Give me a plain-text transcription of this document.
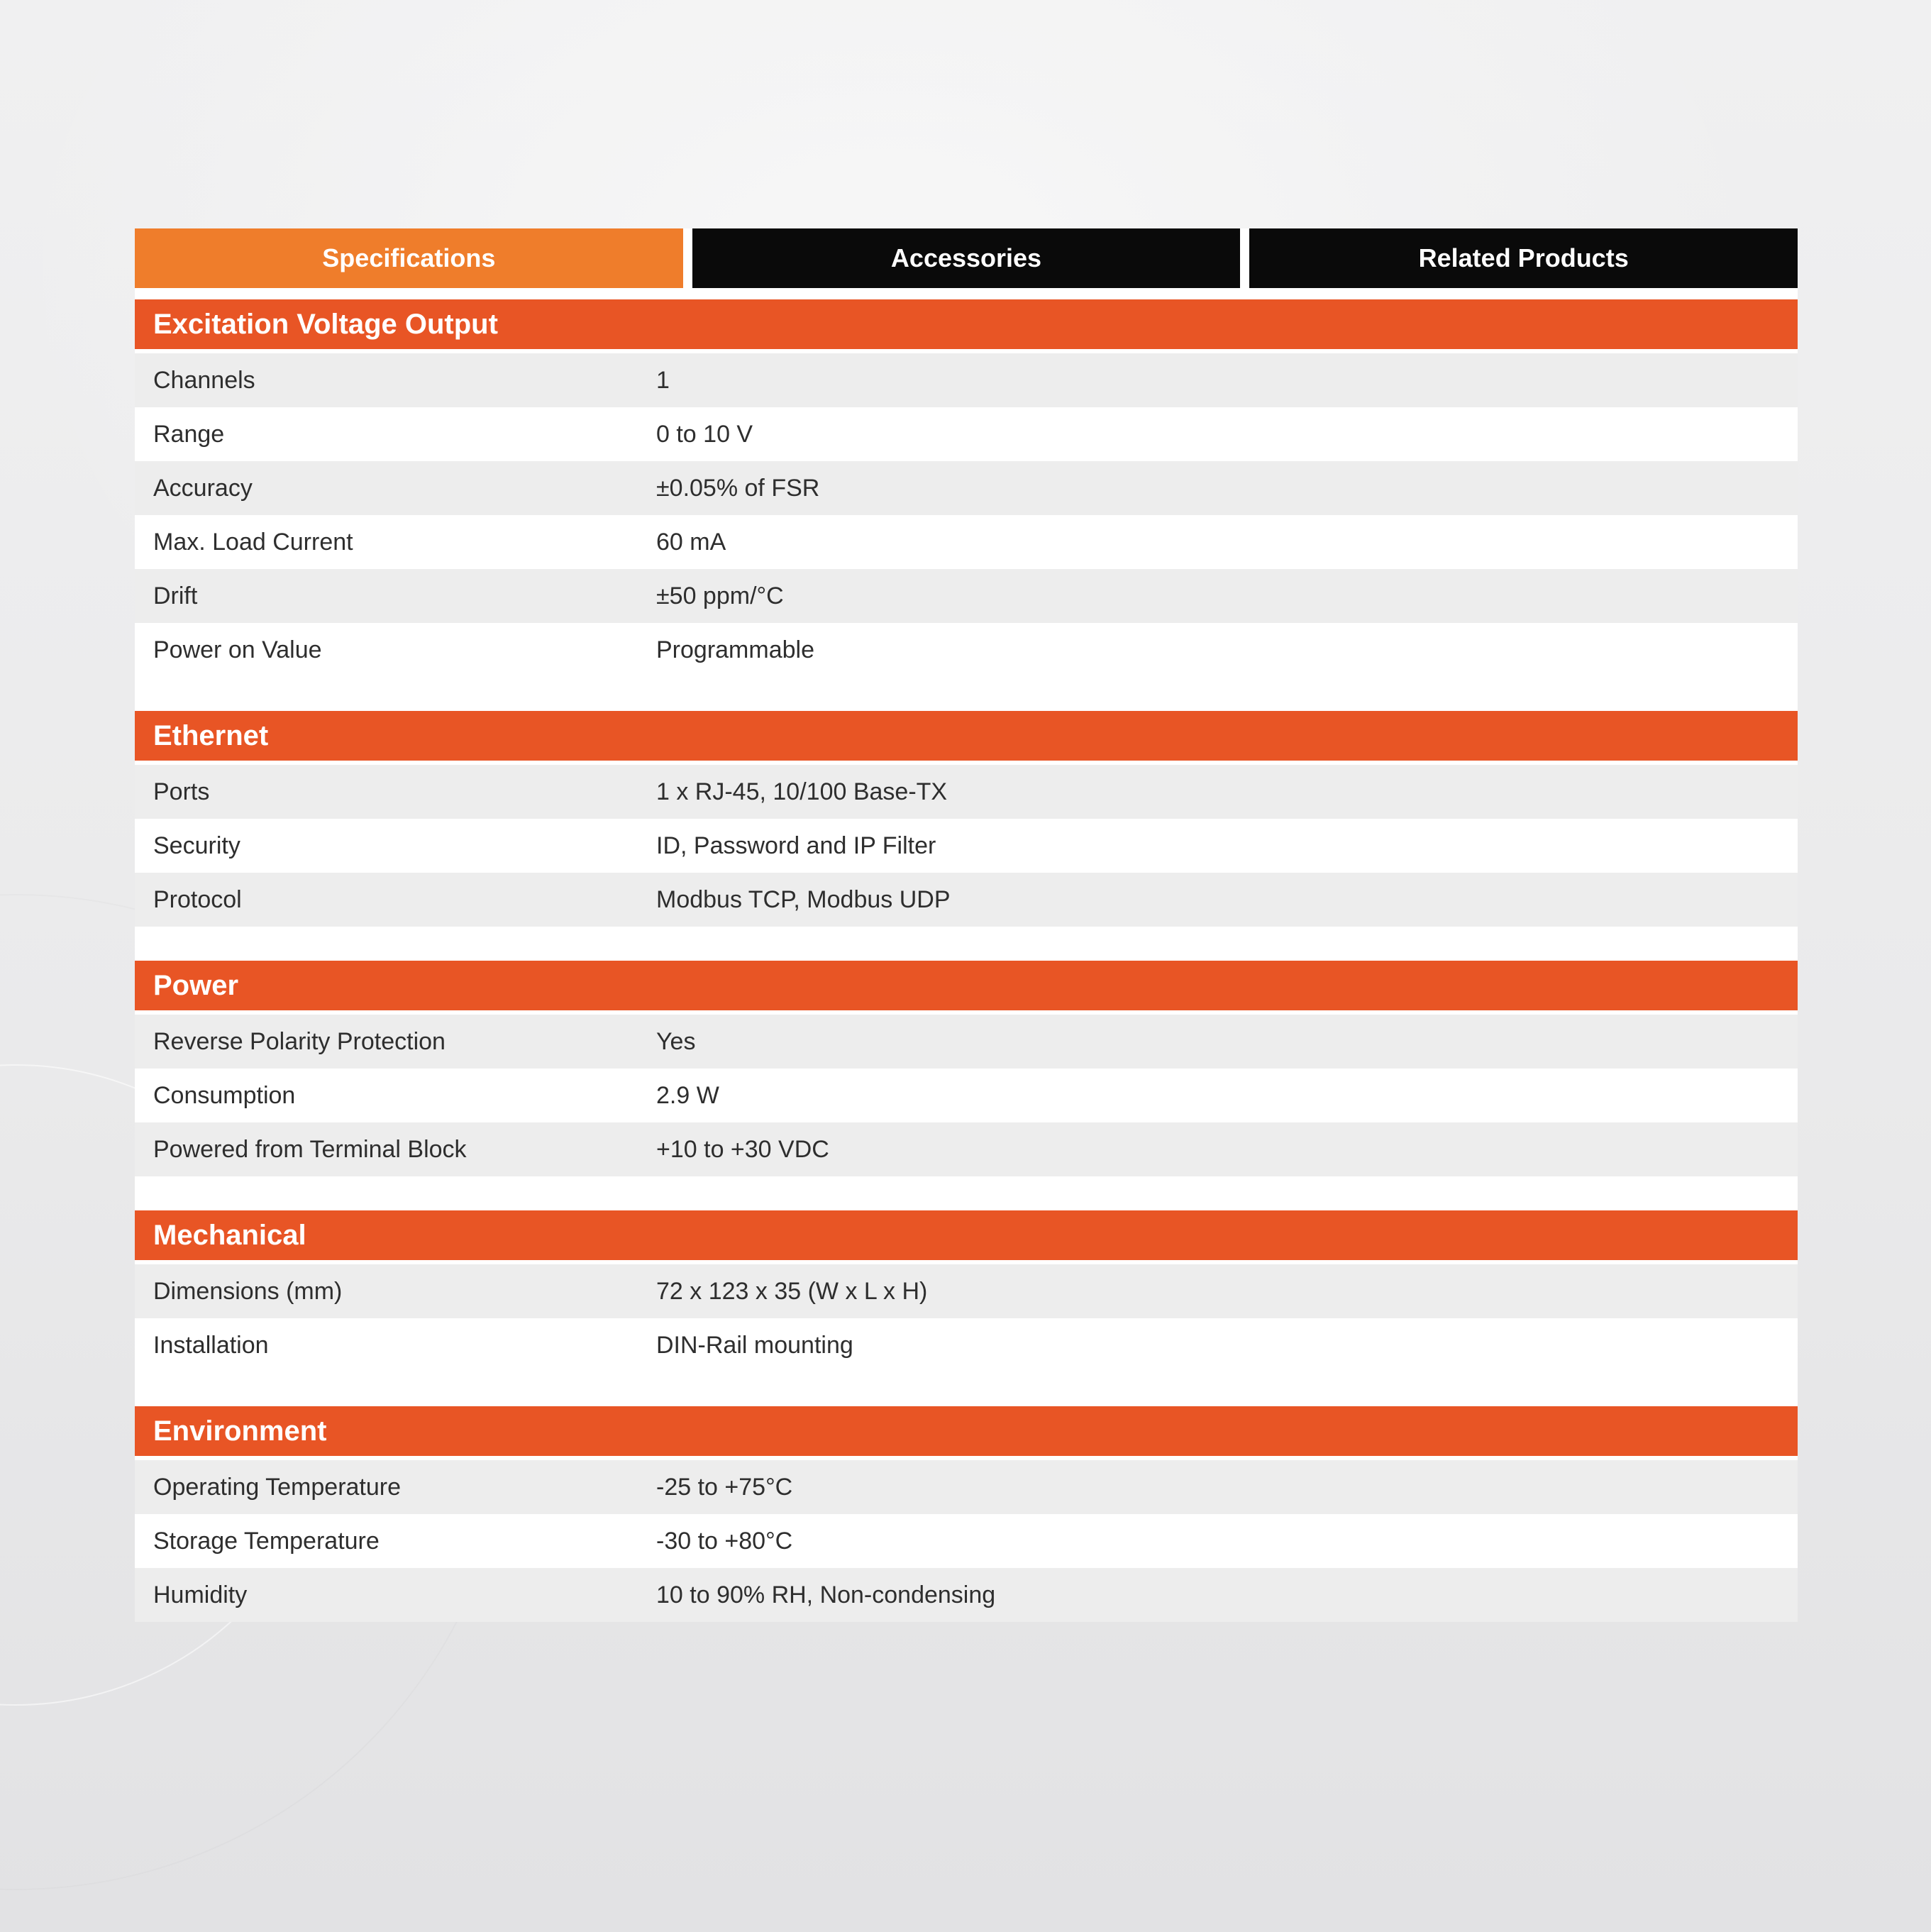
Specifications	Accessories	Related Products
Excitation Voltage Output
Channels	1
Range	0 to 10 V
Accuracy	±0.05% of FSR
Max. Load Current	60 mA
Drift	±50 ppm/°C
Power on Value	Programmable
Ethernet
Ports	1 x RJ-45, 10/100 Base-TX
Security	ID, Password and IP Filter
Protocol	Modbus TCP, Modbus UDP
Power
Reverse Polarity Protection	Yes
Consumption	2.9 W
Powered from Terminal Block	+10 to +30 VDC
Mechanical
Dimensions (mm)	72 x 123 x 35 (W x L x H)
Installation	DIN-Rail mounting
Environment
Operating Temperature	-25 to +75°C
Storage Temperature	-30 to +80°C
Humidity	10 to 90% RH, Non-condensing
